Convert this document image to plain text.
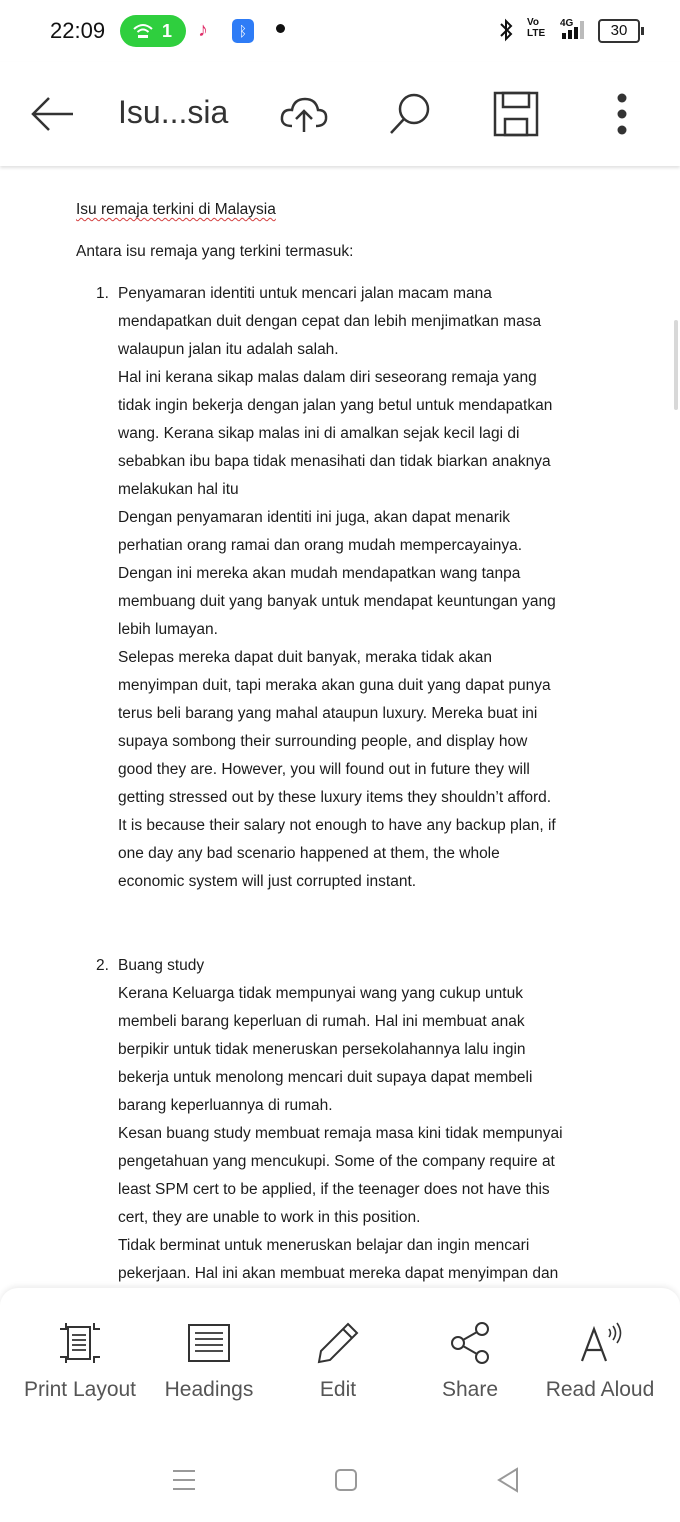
22:09	1 ♪	ᛒ
Vo
LTE
4G	30
Isu...sia
Isu remaja terkini di Malaysia
Antara isu remaja yang terkini termasuk:
1. Penyamaran identiti untuk mencari jalan macam mana
mendapatkan duit dengan cepat dan lebih menjimatkan masa
walaupun jalan itu adalah salah.
Hal ini kerana sikap malas dalam diri seseorang remaja yang
tidak ingin bekerja dengan jalan yang betul untuk mendapatkan
wang. Kerana sikap malas ini di amalkan sejak kecil lagi di
sebabkan ibu bapa tidak menasihati dan tidak biarkan anaknya
melakukan hal itu
Dengan penyamaran identiti ini juga, akan dapat menarik
perhatian orang ramai dan orang mudah mempercayainya.
Dengan ini mereka akan mudah mendapatkan wang tanpa
membuang duit yang banyak untuk mendapat keuntungan yang
lebih lumayan.
Selepas mereka dapat duit banyak, meraka tidak akan
menyimpan duit, tapi meraka akan guna duit yang dapat punya
terus beli barang yang mahal ataupun luxury. Mereka buat ini
supaya sombong their surrounding people, and display how
good they are. However, you will found out in future they will
getting stressed out by these luxury items they shouldn’t afford.
It is because their salary not enough to have any backup plan, if
one day any bad scenario happened at them, the whole
economic system will just corrupted instant.
2. Buang study
Kerana Keluarga tidak mempunyai wang yang cukup untuk
membeli barang keperluan di rumah. Hal ini membuat anak
berpikir untuk tidak meneruskan persekolahannya lalu ingin
bekerja untuk menolong mencari duit supaya dapat membeli
barang keperluannya di rumah.
Kesan buang study membuat remaja masa kini tidak mempunyai
pengetahuan yang mencukupi. Some of the company require at
least SPM cert to be applied, if the teenager does not have this
cert, they are unable to work in this position.
Tidak berminat untuk meneruskan belajar dan ingin mencari
pekerjaan. Hal ini akan membuat mereka dapat menyimpan dan
Print Layout	Headings	Edit	Share	Read Aloud
